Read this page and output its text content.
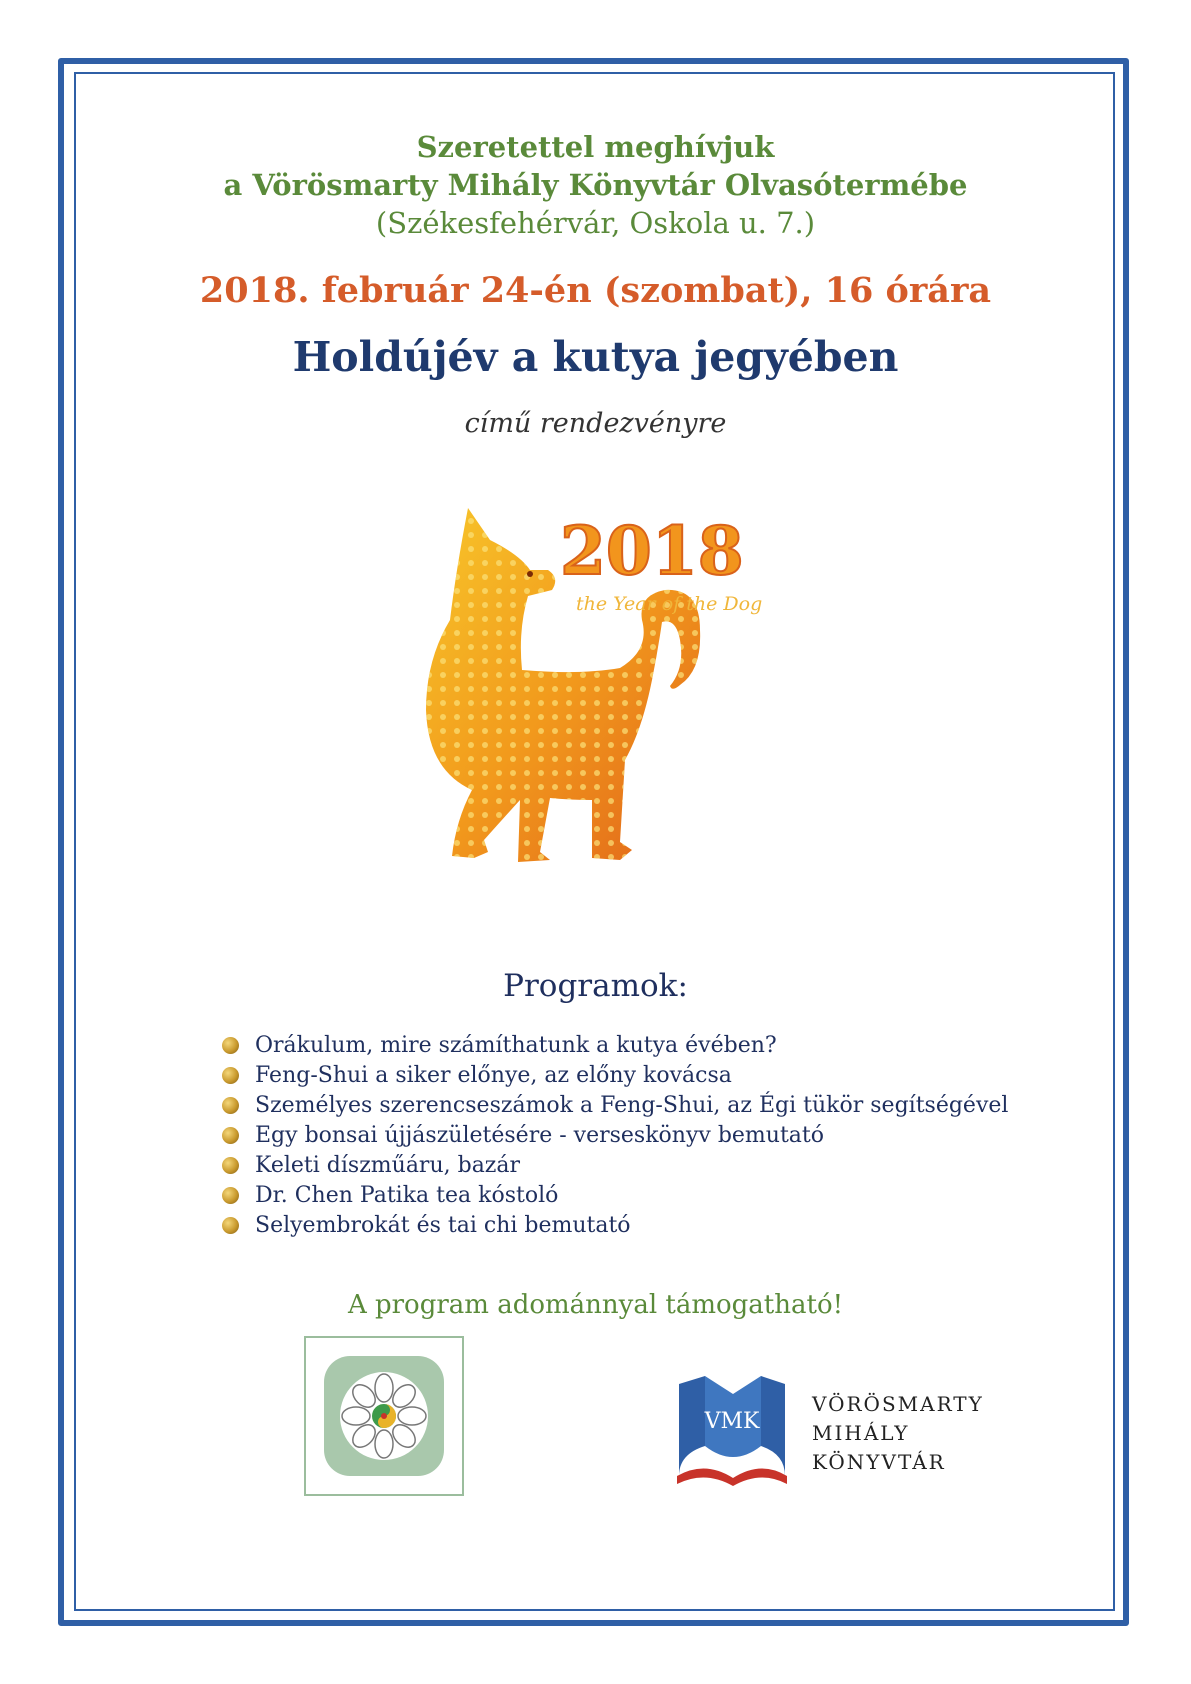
Szeretettel meghívjuk
a Vörösmarty Mihály Könyvtár Olvasótermébe
(Székesfehérvár, Oskola u. 7.)
2018. február 24-én (szombat), 16 órára
Holdújév a kutya jegyében
című rendezvényre
2018
the Year of the Dog
Programok:
Orákulum, mire számíthatunk a kutya évében?
Feng-Shui a siker előnye, az előny kovácsa
Személyes szerencseszámok a Feng-Shui, az Égi tükör segítségével
Egy bonsai újjászületésére - verseskönyv bemutató
Keleti díszműáru, bazár
Dr. Chen Patika tea kóstoló
Selyembrokát és tai chi bemutató
A program adománnyal támogatható!
VMK
VÖRÖSMARTY
MIHÁLY
KÖNYVTÁR
